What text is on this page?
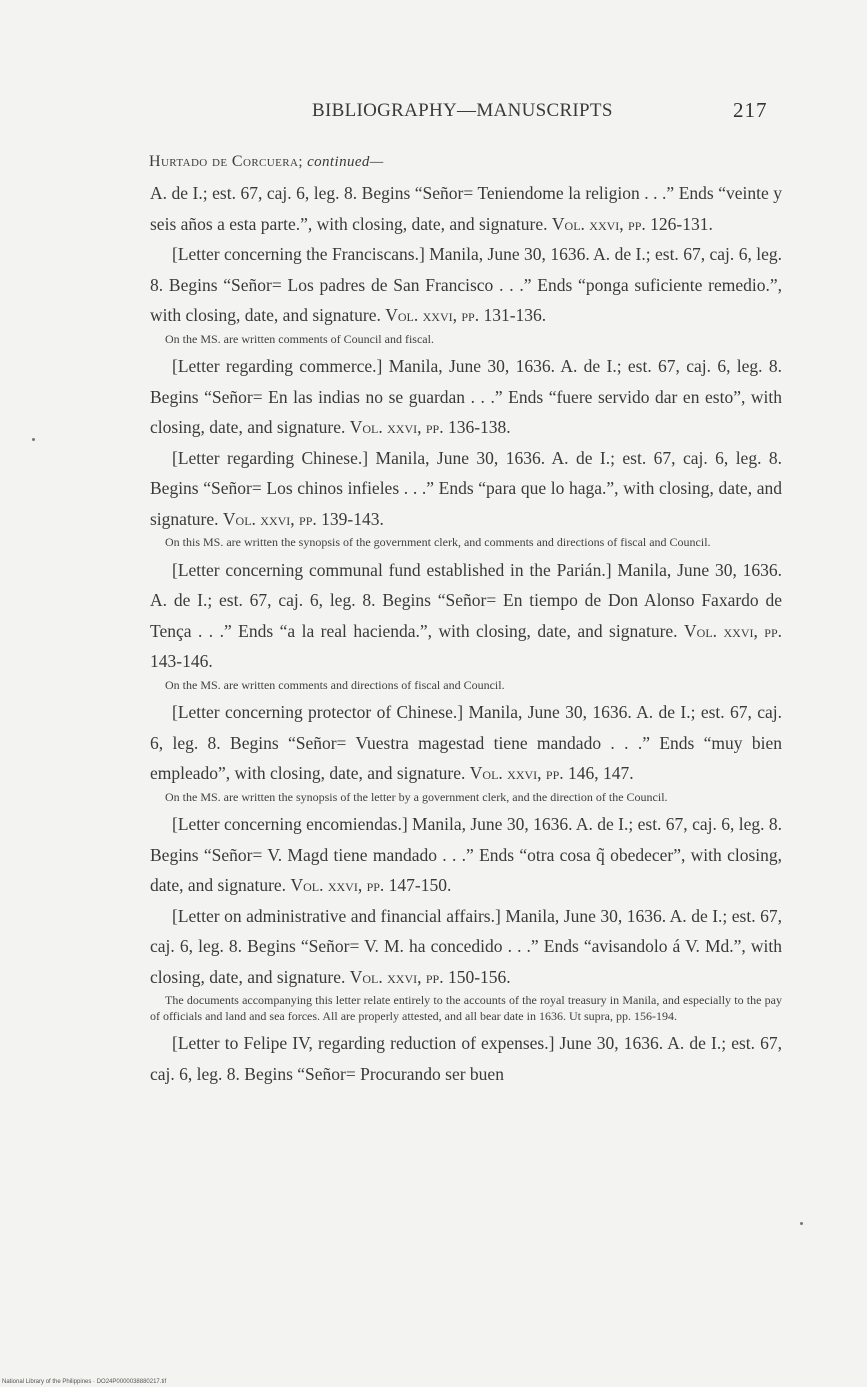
BIBLIOGRAPHY—MANUSCRIPTS	217
Hurtado de Corcuera; continued—

A. de I.; est. 67, caj. 6, leg. 8. Begins “Señor= Teniendome la religion . . .” Ends “veinte y seis años a esta parte.”, with closing, date, and signature. Vol. xxvi, pp. 126-131.

[Letter concerning the Franciscans.] Manila, June 30, 1636. A. de I.; est. 67, caj. 6, leg. 8. Begins “Señor= Los padres de San Francisco . . .” Ends “ponga suficiente remedio.”, with closing, date, and signature. Vol. xxvi, pp. 131-136.

On the MS. are written comments of Council and fiscal.

[Letter regarding commerce.] Manila, June 30, 1636. A. de I.; est. 67, caj. 6, leg. 8. Begins “Señor= En las indias no se guardan . . .” Ends “fuere servido dar en esto”, with closing, date, and signature. Vol. xxvi, pp. 136-138.

[Letter regarding Chinese.] Manila, June 30, 1636. A. de I.; est. 67, caj. 6, leg. 8. Begins “Señor= Los chinos infieles . . .” Ends “para que lo haga.”, with closing, date, and signature. Vol. xxvi, pp. 139-143.

On this MS. are written the synopsis of the government clerk, and comments and directions of fiscal and Council.

[Letter concerning communal fund established in the Parián.] Manila, June 30, 1636. A. de I.; est. 67, caj. 6, leg. 8. Begins “Señor= En tiempo de Don Alonso Faxardo de Tença . . .” Ends “a la real hacienda.”, with closing, date, and signature. Vol. xxvi, pp. 143-146.

On the MS. are written comments and directions of fiscal and Council.

[Letter concerning protector of Chinese.] Manila, June 30, 1636. A. de I.; est. 67, caj. 6, leg. 8. Begins “Señor= Vuestra magestad tiene mandado . . .” Ends “muy bien empleado”, with closing, date, and signature. Vol. xxvi, pp. 146, 147.

On the MS. are written the synopsis of the letter by a government clerk, and the direction of the Council.

[Letter concerning encomiendas.] Manila, June 30, 1636. A. de I.; est. 67, caj. 6, leg. 8. Begins “Señor= V. Magd tiene mandado . . .” Ends “otra cosa q̃ obedecer”, with closing, date, and signature. Vol. xxvi, pp. 147-150.

[Letter on administrative and financial affairs.] Manila, June 30, 1636. A. de I.; est. 67, caj. 6, leg. 8. Begins “Señor= V. M. ha concedido . . .” Ends “avisandolo á V. Md.”, with closing, date, and signature. Vol. xxvi, pp. 150-156.

The documents accompanying this letter relate entirely to the accounts of the royal treasury in Manila, and especially to the pay of officials and land and sea forces. All are properly attested, and all bear date in 1636. Ut supra, pp. 156-194.

[Letter to Felipe IV, regarding reduction of expenses.] June 30, 1636. A. de I.; est. 67, caj. 6, leg. 8. Begins “Señor= Procurando ser buen

National Library of the Philippines · DO24P0000038880217.tif
